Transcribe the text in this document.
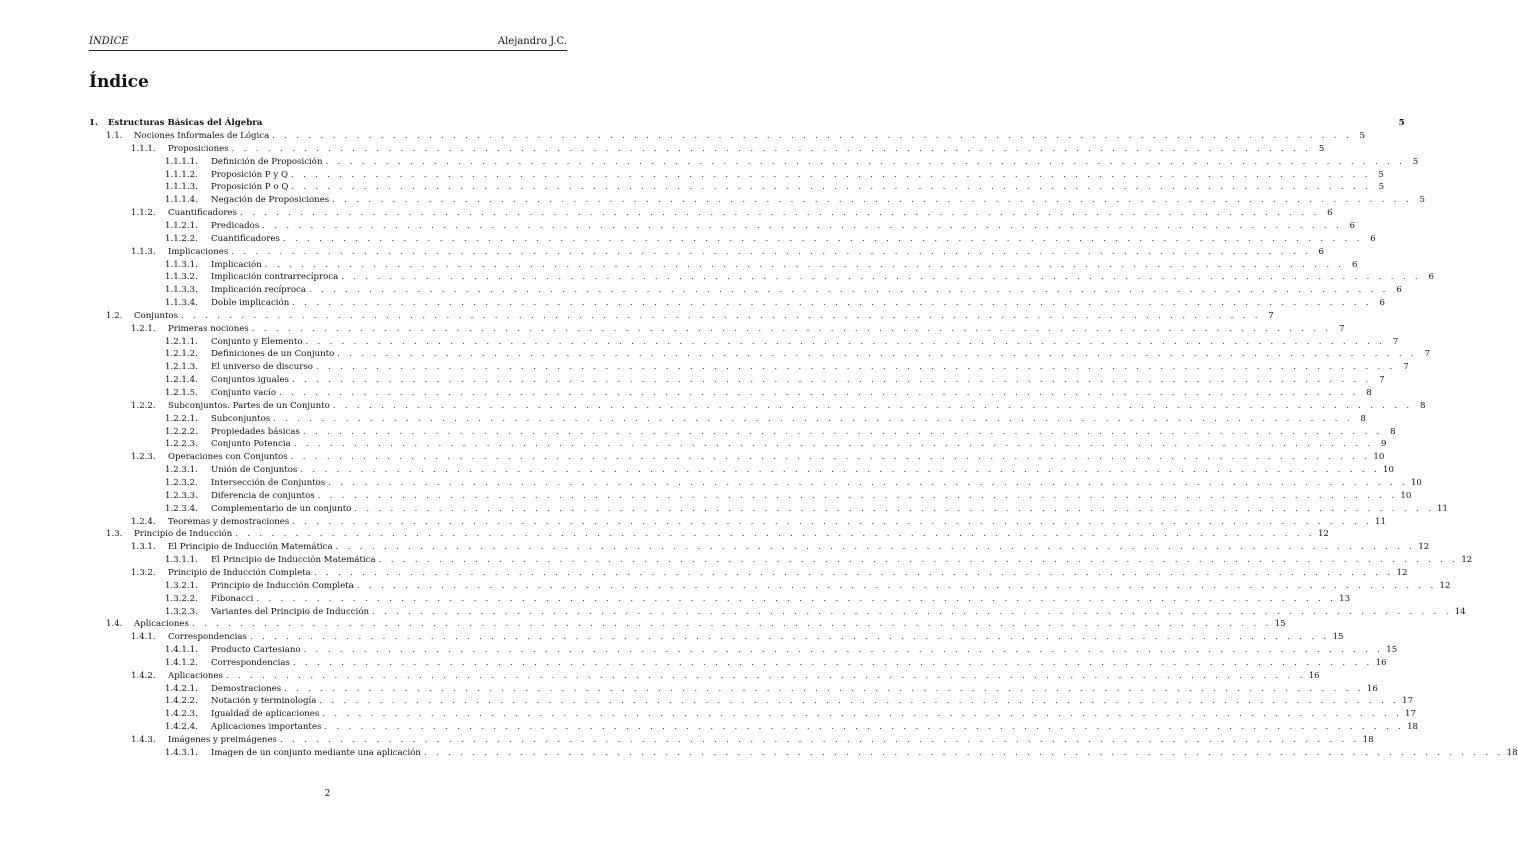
ÍNDICE	Alejandro J.C.
Índice
1.	Estructuras Básicas del Álgebra	5
1.1.	Nociones Informales de Lógica . . . . . . . . . . . . . . . . . . . . . . . . . . . . . . . . . . . . . . . . . . . . . . . . . . . . . . . . . . . . . . . . . . . . . . . . . . . . . . . . . . . . . . . . . . 5
1.1.1.	Proposiciones . . . . . . . . . . . . . . . . . . . . . . . . . . . . . . . . . . . . . . . . . . . . . . . . . . . . . . . . . . . . . . . . . . . . . . . . . . . . . . . . . . . . . . . . . . 5
1.1.1.1.	Definición de Proposición . . . . . . . . . . . . . . . . . . . . . . . . . . . . . . . . . . . . . . . . . . . . . . . . . . . . . . . . . . . . . . . . . . . . . . . . . . . . . . . . . . . . . . . . . . 5
1.1.1.2.	Proposición P y Q . . . . . . . . . . . . . . . . . . . . . . . . . . . . . . . . . . . . . . . . . . . . . . . . . . . . . . . . . . . . . . . . . . . . . . . . . . . . . . . . . . . . . . . . . . 5
1.1.1.3.	Proposición P o Q . . . . . . . . . . . . . . . . . . . . . . . . . . . . . . . . . . . . . . . . . . . . . . . . . . . . . . . . . . . . . . . . . . . . . . . . . . . . . . . . . . . . . . . . . . 5
1.1.1.4.	Negación de Proposiciones . . . . . . . . . . . . . . . . . . . . . . . . . . . . . . . . . . . . . . . . . . . . . . . . . . . . . . . . . . . . . . . . . . . . . . . . . . . . . . . . . . . . . . . . . . 5
1.1.2.	Cuantificadores . . . . . . . . . . . . . . . . . . . . . . . . . . . . . . . . . . . . . . . . . . . . . . . . . . . . . . . . . . . . . . . . . . . . . . . . . . . . . . . . . . . . . . . . . . 6
1.1.2.1.	Predicados . . . . . . . . . . . . . . . . . . . . . . . . . . . . . . . . . . . . . . . . . . . . . . . . . . . . . . . . . . . . . . . . . . . . . . . . . . . . . . . . . . . . . . . . . . 6
1.1.2.2.	Cuantificadores . . . . . . . . . . . . . . . . . . . . . . . . . . . . . . . . . . . . . . . . . . . . . . . . . . . . . . . . . . . . . . . . . . . . . . . . . . . . . . . . . . . . . . . . . . 6
1.1.3.	Implicaciones . . . . . . . . . . . . . . . . . . . . . . . . . . . . . . . . . . . . . . . . . . . . . . . . . . . . . . . . . . . . . . . . . . . . . . . . . . . . . . . . . . . . . . . . . . 6
1.1.3.1.	Implicación . . . . . . . . . . . . . . . . . . . . . . . . . . . . . . . . . . . . . . . . . . . . . . . . . . . . . . . . . . . . . . . . . . . . . . . . . . . . . . . . . . . . . . . . . . 6
1.1.3.2.	Implicación contrarrecíproca . . . . . . . . . . . . . . . . . . . . . . . . . . . . . . . . . . . . . . . . . . . . . . . . . . . . . . . . . . . . . . . . . . . . . . . . . . . . . . . . . . . . . . . . . . 6
1.1.3.3.	Implicación recíproca . . . . . . . . . . . . . . . . . . . . . . . . . . . . . . . . . . . . . . . . . . . . . . . . . . . . . . . . . . . . . . . . . . . . . . . . . . . . . . . . . . . . . . . . . . 6
1.1.3.4.	Doble implicación . . . . . . . . . . . . . . . . . . . . . . . . . . . . . . . . . . . . . . . . . . . . . . . . . . . . . . . . . . . . . . . . . . . . . . . . . . . . . . . . . . . . . . . . . . 6
1.2.	Conjuntos . . . . . . . . . . . . . . . . . . . . . . . . . . . . . . . . . . . . . . . . . . . . . . . . . . . . . . . . . . . . . . . . . . . . . . . . . . . . . . . . . . . . . . . . . . 7
1.2.1.	Primeras nociones . . . . . . . . . . . . . . . . . . . . . . . . . . . . . . . . . . . . . . . . . . . . . . . . . . . . . . . . . . . . . . . . . . . . . . . . . . . . . . . . . . . . . . . . . . 7
1.2.1.1.	Conjunto y Elemento . . . . . . . . . . . . . . . . . . . . . . . . . . . . . . . . . . . . . . . . . . . . . . . . . . . . . . . . . . . . . . . . . . . . . . . . . . . . . . . . . . . . . . . . . . 7
1.2.1.2.	Definiciones de un Conjunto . . . . . . . . . . . . . . . . . . . . . . . . . . . . . . . . . . . . . . . . . . . . . . . . . . . . . . . . . . . . . . . . . . . . . . . . . . . . . . . . . . . . . . . . . . 7
1.2.1.3.	El universo de discurso . . . . . . . . . . . . . . . . . . . . . . . . . . . . . . . . . . . . . . . . . . . . . . . . . . . . . . . . . . . . . . . . . . . . . . . . . . . . . . . . . . . . . . . . . . 7
1.2.1.4.	Conjuntos iguales . . . . . . . . . . . . . . . . . . . . . . . . . . . . . . . . . . . . . . . . . . . . . . . . . . . . . . . . . . . . . . . . . . . . . . . . . . . . . . . . . . . . . . . . . . 7
1.2.1.5.	Conjunto vacío . . . . . . . . . . . . . . . . . . . . . . . . . . . . . . . . . . . . . . . . . . . . . . . . . . . . . . . . . . . . . . . . . . . . . . . . . . . . . . . . . . . . . . . . . . 8
1.2.2.	Subconjuntos. Partes de un Conjunto . . . . . . . . . . . . . . . . . . . . . . . . . . . . . . . . . . . . . . . . . . . . . . . . . . . . . . . . . . . . . . . . . . . . . . . . . . . . . . . . . . . . . . . . . . 8
1.2.2.1.	Subconjuntos . . . . . . . . . . . . . . . . . . . . . . . . . . . . . . . . . . . . . . . . . . . . . . . . . . . . . . . . . . . . . . . . . . . . . . . . . . . . . . . . . . . . . . . . . . 8
1.2.2.2.	Propiedades básicas . . . . . . . . . . . . . . . . . . . . . . . . . . . . . . . . . . . . . . . . . . . . . . . . . . . . . . . . . . . . . . . . . . . . . . . . . . . . . . . . . . . . . . . . . . 8
1.2.2.3.	Conjunto Potencia . . . . . . . . . . . . . . . . . . . . . . . . . . . . . . . . . . . . . . . . . . . . . . . . . . . . . . . . . . . . . . . . . . . . . . . . . . . . . . . . . . . . . . . . . . 9
1.2.3.	Operaciones con Conjuntos . . . . . . . . . . . . . . . . . . . . . . . . . . . . . . . . . . . . . . . . . . . . . . . . . . . . . . . . . . . . . . . . . . . . . . . . . . . . . . . . . . . . . . . . . . 10
1.2.3.1.	Unión de Conjuntos . . . . . . . . . . . . . . . . . . . . . . . . . . . . . . . . . . . . . . . . . . . . . . . . . . . . . . . . . . . . . . . . . . . . . . . . . . . . . . . . . . . . . . . . . . 10
1.2.3.2.	Intersección de Conjuntos . . . . . . . . . . . . . . . . . . . . . . . . . . . . . . . . . . . . . . . . . . . . . . . . . . . . . . . . . . . . . . . . . . . . . . . . . . . . . . . . . . . . . . . . . . 10
1.2.3.3.	Diferencia de conjuntos . . . . . . . . . . . . . . . . . . . . . . . . . . . . . . . . . . . . . . . . . . . . . . . . . . . . . . . . . . . . . . . . . . . . . . . . . . . . . . . . . . . . . . . . . . 10
1.2.3.4.	Complementario de un conjunto . . . . . . . . . . . . . . . . . . . . . . . . . . . . . . . . . . . . . . . . . . . . . . . . . . . . . . . . . . . . . . . . . . . . . . . . . . . . . . . . . . . . . . . . . . 11
1.2.4.	Teoremas y demostraciones . . . . . . . . . . . . . . . . . . . . . . . . . . . . . . . . . . . . . . . . . . . . . . . . . . . . . . . . . . . . . . . . . . . . . . . . . . . . . . . . . . . . . . . . . . 11
1.3.	Principio de Inducción . . . . . . . . . . . . . . . . . . . . . . . . . . . . . . . . . . . . . . . . . . . . . . . . . . . . . . . . . . . . . . . . . . . . . . . . . . . . . . . . . . . . . . . . . . 12
1.3.1.	El Principio de Inducción Matemática . . . . . . . . . . . . . . . . . . . . . . . . . . . . . . . . . . . . . . . . . . . . . . . . . . . . . . . . . . . . . . . . . . . . . . . . . . . . . . . . . . . . . . . . . . 12
1.3.1.1.	El Principio de Inducción Matemática . . . . . . . . . . . . . . . . . . . . . . . . . . . . . . . . . . . . . . . . . . . . . . . . . . . . . . . . . . . . . . . . . . . . . . . . . . . . . . . . . . . . . . . . . . 12
1.3.2.	Principio de Inducción Completa . . . . . . . . . . . . . . . . . . . . . . . . . . . . . . . . . . . . . . . . . . . . . . . . . . . . . . . . . . . . . . . . . . . . . . . . . . . . . . . . . . . . . . . . . . 12
1.3.2.1.	Principio de Inducción Completa . . . . . . . . . . . . . . . . . . . . . . . . . . . . . . . . . . . . . . . . . . . . . . . . . . . . . . . . . . . . . . . . . . . . . . . . . . . . . . . . . . . . . . . . . . 12
1.3.2.2.	Fibonacci . . . . . . . . . . . . . . . . . . . . . . . . . . . . . . . . . . . . . . . . . . . . . . . . . . . . . . . . . . . . . . . . . . . . . . . . . . . . . . . . . . . . . . . . . . 13
1.3.2.3.	Variantes del Principio de Inducción . . . . . . . . . . . . . . . . . . . . . . . . . . . . . . . . . . . . . . . . . . . . . . . . . . . . . . . . . . . . . . . . . . . . . . . . . . . . . . . . . . . . . . . . . . 14
1.4.	Aplicaciones . . . . . . . . . . . . . . . . . . . . . . . . . . . . . . . . . . . . . . . . . . . . . . . . . . . . . . . . . . . . . . . . . . . . . . . . . . . . . . . . . . . . . . . . . . 15
1.4.1.	Correspondencias . . . . . . . . . . . . . . . . . . . . . . . . . . . . . . . . . . . . . . . . . . . . . . . . . . . . . . . . . . . . . . . . . . . . . . . . . . . . . . . . . . . . . . . . . . 15
1.4.1.1.	Producto Cartesiano . . . . . . . . . . . . . . . . . . . . . . . . . . . . . . . . . . . . . . . . . . . . . . . . . . . . . . . . . . . . . . . . . . . . . . . . . . . . . . . . . . . . . . . . . . 15
1.4.1.2.	Correspondencias . . . . . . . . . . . . . . . . . . . . . . . . . . . . . . . . . . . . . . . . . . . . . . . . . . . . . . . . . . . . . . . . . . . . . . . . . . . . . . . . . . . . . . . . . . 16
1.4.2.	Aplicaciones . . . . . . . . . . . . . . . . . . . . . . . . . . . . . . . . . . . . . . . . . . . . . . . . . . . . . . . . . . . . . . . . . . . . . . . . . . . . . . . . . . . . . . . . . . 16
1.4.2.1.	Demostraciones . . . . . . . . . . . . . . . . . . . . . . . . . . . . . . . . . . . . . . . . . . . . . . . . . . . . . . . . . . . . . . . . . . . . . . . . . . . . . . . . . . . . . . . . . . 16
1.4.2.2.	Notación y terminología . . . . . . . . . . . . . . . . . . . . . . . . . . . . . . . . . . . . . . . . . . . . . . . . . . . . . . . . . . . . . . . . . . . . . . . . . . . . . . . . . . . . . . . . . . 17
1.4.2.3.	Igualdad de aplicaciones . . . . . . . . . . . . . . . . . . . . . . . . . . . . . . . . . . . . . . . . . . . . . . . . . . . . . . . . . . . . . . . . . . . . . . . . . . . . . . . . . . . . . . . . . . 17
1.4.2.4.	Aplicaciones importantes . . . . . . . . . . . . . . . . . . . . . . . . . . . . . . . . . . . . . . . . . . . . . . . . . . . . . . . . . . . . . . . . . . . . . . . . . . . . . . . . . . . . . . . . . . 18
1.4.3.	Imágenes y preimágenes . . . . . . . . . . . . . . . . . . . . . . . . . . . . . . . . . . . . . . . . . . . . . . . . . . . . . . . . . . . . . . . . . . . . . . . . . . . . . . . . . . . . . . . . . . 18
1.4.3.1.	Imagen de un conjunto mediante una aplicación . . . . . . . . . . . . . . . . . . . . . . . . . . . . . . . . . . . . . . . . . . . . . . . . . . . . . . . . . . . . . . . . . . . . . . . . . . . . . . . . . . . . . . . . . . 18
2
